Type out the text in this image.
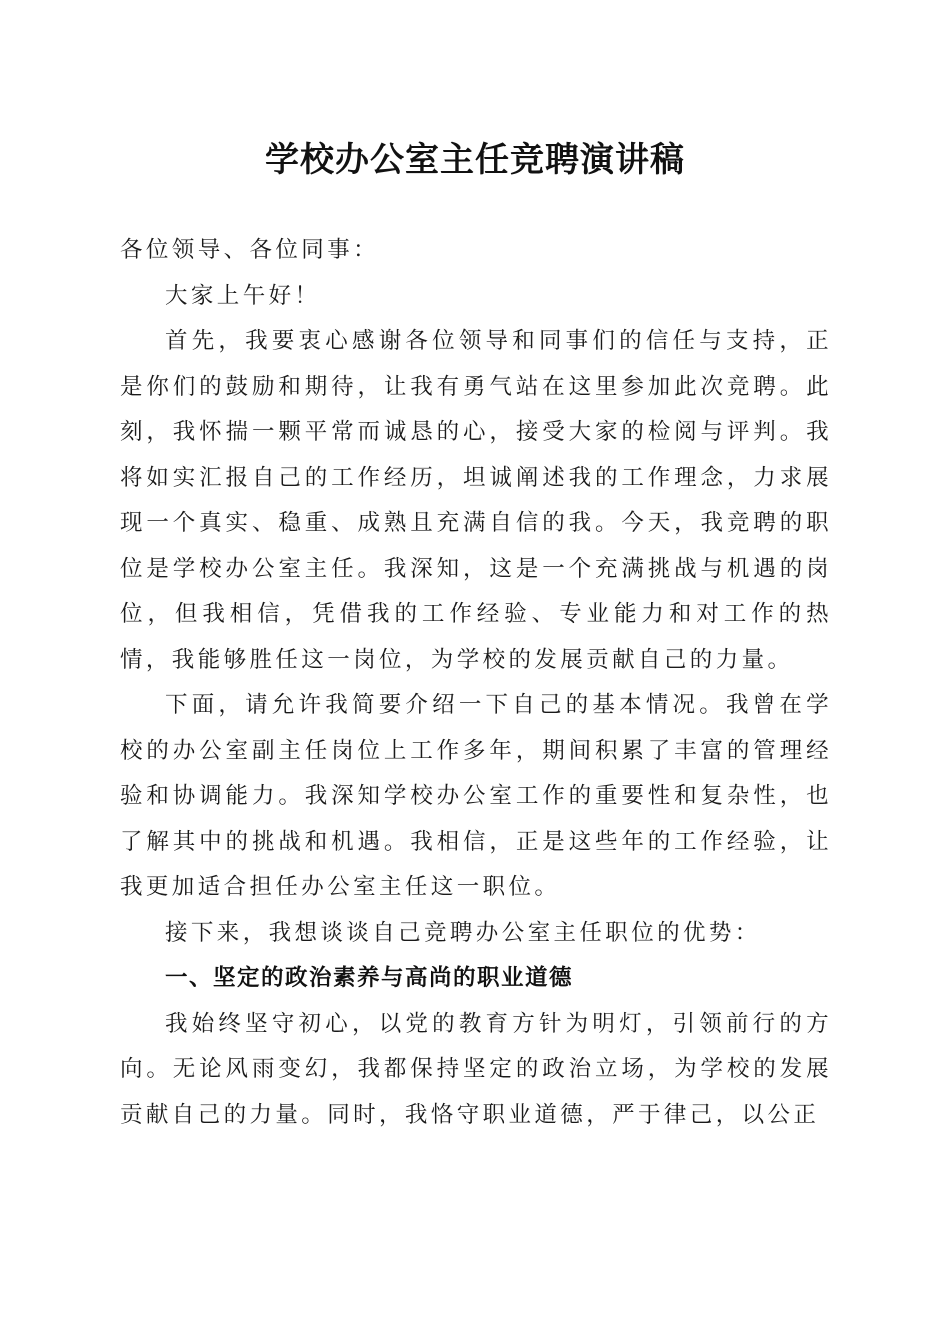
学校办公室主任竞聘演讲稿

各位领导、各位同事：

大家上午好！

首先，我要衷心感谢各位领导和同事们的信任与支持，正是你们的鼓励和期待，让我有勇气站在这里参加此次竞聘。此刻，我怀揣一颗平常而诚恳的心，接受大家的检阅与评判。我将如实汇报自己的工作经历，坦诚阐述我的工作理念，力求展现一个真实、稳重、成熟且充满自信的我。今天，我竞聘的职位是学校办公室主任。我深知，这是一个充满挑战与机遇的岗位，但我相信，凭借我的工作经验、专业能力和对工作的热情，我能够胜任这一岗位，为学校的发展贡献自己的力量。

下面，请允许我简要介绍一下自己的基本情况。我曾在学校的办公室副主任岗位上工作多年，期间积累了丰富的管理经验和协调能力。我深知学校办公室工作的重要性和复杂性，也了解其中的挑战和机遇。我相信，正是这些年的工作经验，让我更加适合担任办公室主任这一职位。

接下来，我想谈谈自己竞聘办公室主任职位的优势：

一、坚定的政治素养与高尚的职业道德

我始终坚守初心，以党的教育方针为明灯，引领前行的方向。无论风雨变幻，我都保持坚定的政治立场，为学校的发展贡献自己的力量。同时，我恪守职业道德，严于律己，以公正
